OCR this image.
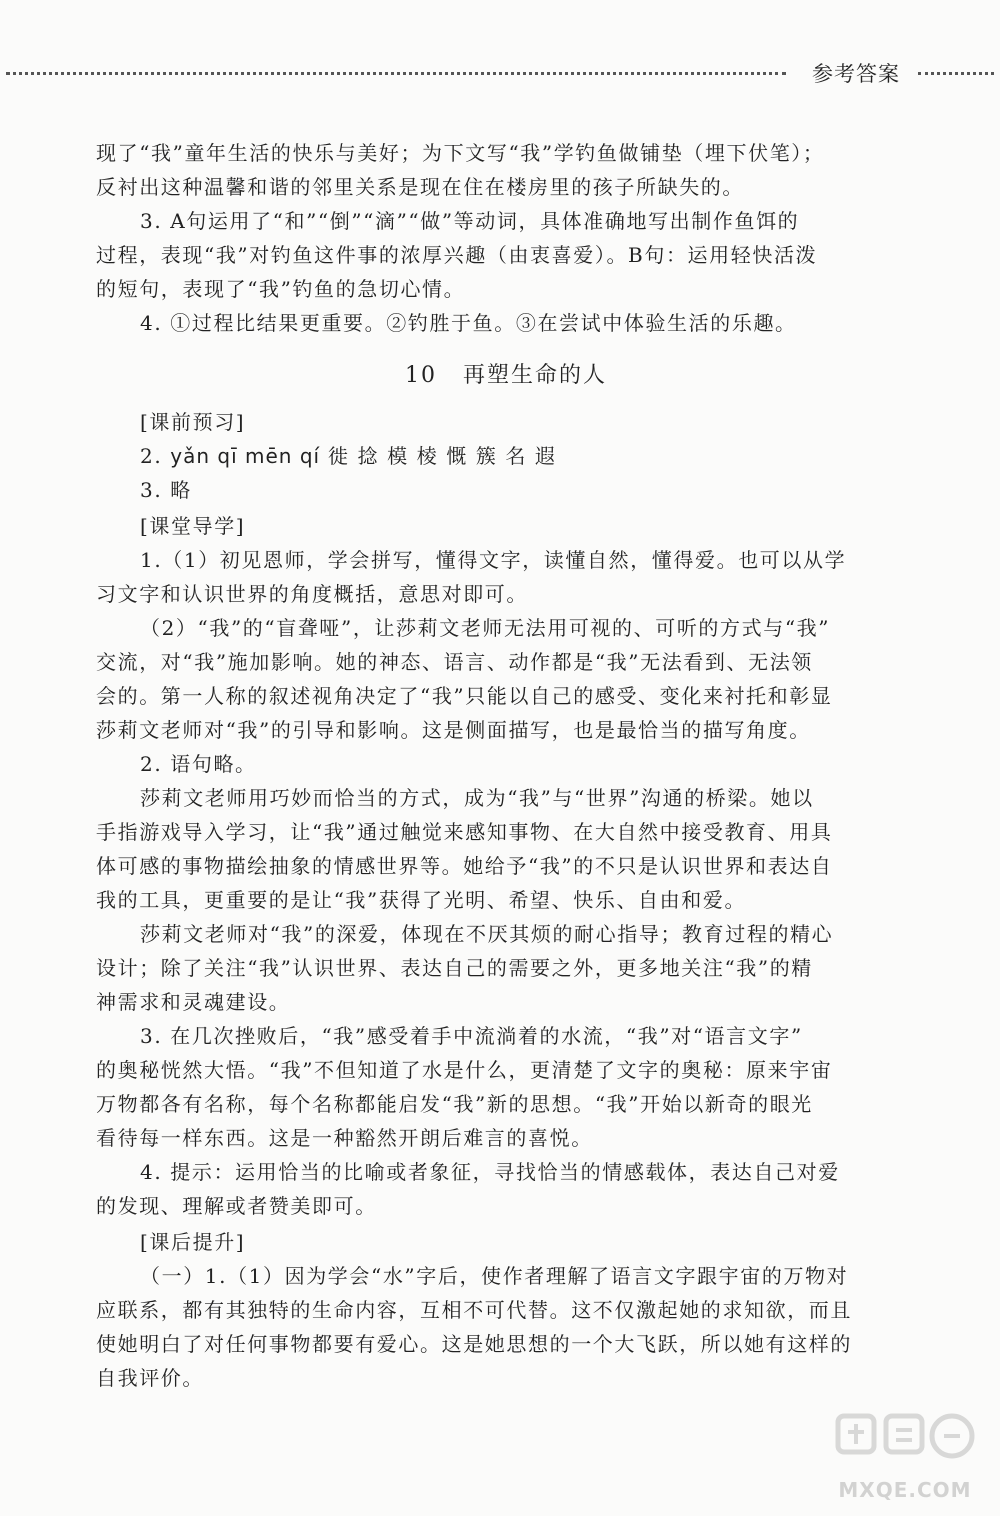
参考答案
现了“我”童年生活的快乐与美好；为下文写“我”学钓鱼做铺垫（埋下伏笔）；
反衬出这种温馨和谐的邻里关系是现在住在楼房里的孩子所缺失的。
3. A句运用了“和”“倒”“滴”“做”等动词，具体准确地写出制作鱼饵的
过程，表现“我”对钓鱼这件事的浓厚兴趣（由衷喜爱）。B句：运用轻快活泼
的短句，表现了“我”钓鱼的急切心情。
4. ①过程比结果更重要。②钓胜于鱼。③在尝试中体验生活的乐趣。
10 再塑生命的人
[课前预习]
2. yǎn qī mēn qí 徙 捻 模 棱 慨 簇 名 遐
3. 略
[课堂导学]
1.（1）初见恩师，学会拼写，懂得文字，读懂自然，懂得爱。也可以从学
习文字和认识世界的角度概括，意思对即可。
（2）“我”的“盲聋哑”，让莎莉文老师无法用可视的、可听的方式与“我”
交流，对“我”施加影响。她的神态、语言、动作都是“我”无法看到、无法领
会的。第一人称的叙述视角决定了“我”只能以自己的感受、变化来衬托和彰显
莎莉文老师对“我”的引导和影响。这是侧面描写，也是最恰当的描写角度。
2. 语句略。
莎莉文老师用巧妙而恰当的方式，成为“我”与“世界”沟通的桥梁。她以
手指游戏导入学习，让“我”通过触觉来感知事物、在大自然中接受教育、用具
体可感的事物描绘抽象的情感世界等。她给予“我”的不只是认识世界和表达自
我的工具，更重要的是让“我”获得了光明、希望、快乐、自由和爱。
莎莉文老师对“我”的深爱，体现在不厌其烦的耐心指导；教育过程的精心
设计；除了关注“我”认识世界、表达自己的需要之外，更多地关注“我”的精
神需求和灵魂建设。
3. 在几次挫败后，“我”感受着手中流淌着的水流，“我”对“语言文字”
的奥秘恍然大悟。“我”不但知道了水是什么，更清楚了文字的奥秘：原来宇宙
万物都各有名称，每个名称都能启发“我”新的思想。“我”开始以新奇的眼光
看待每一样东西。这是一种豁然开朗后难言的喜悦。
4. 提示：运用恰当的比喻或者象征，寻找恰当的情感载体，表达自己对爱
的发现、理解或者赞美即可。
[课后提升]
（一）1.（1）因为学会“水”字后，使作者理解了语言文字跟宇宙的万物对
应联系，都有其独特的生命内容，互相不可代替。这不仅激起她的求知欲，而且
使她明白了对任何事物都要有爱心。这是她思想的一个大飞跃，所以她有这样的
自我评价。
MXQE.COM
